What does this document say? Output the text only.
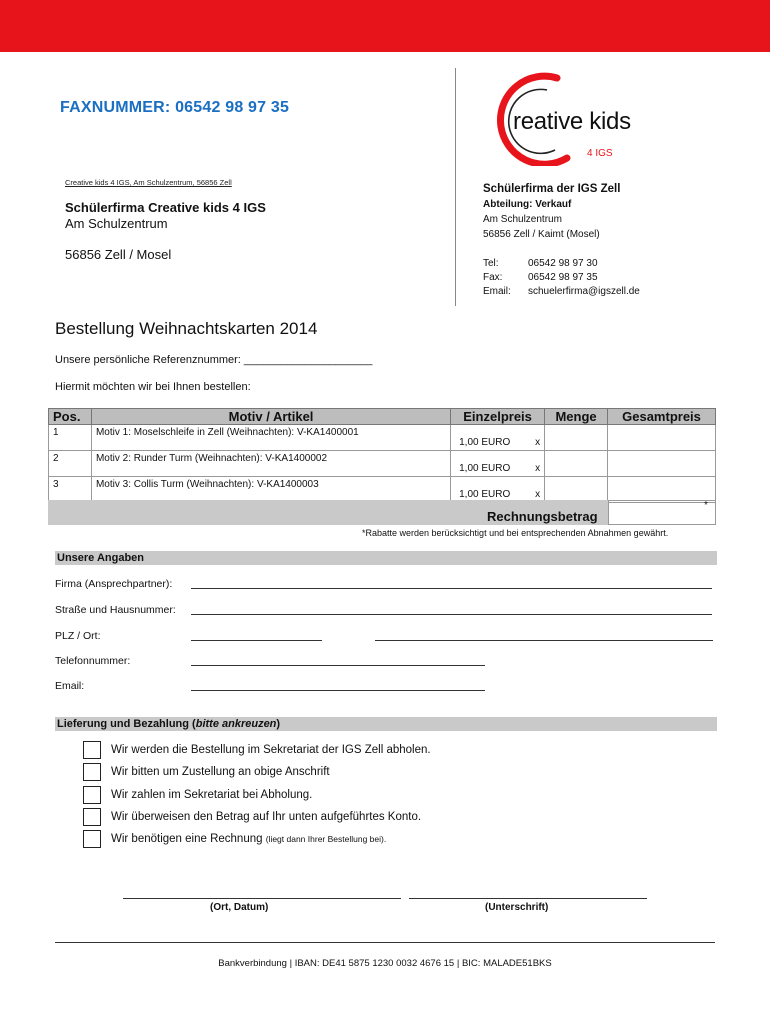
FAXNUMMER: 06542 98 97 35
reative kids
4 IGS
Creative kids 4 IGS, Am Schulzentrum, 56856 Zell
Schülerfirma Creative kids 4 IGS
Am Schulzentrum
56856 Zell / Mosel
Schülerfirma der IGS Zell
Abteilung: Verkauf
Am Schulzentrum
56856 Zell / Kaimt (Mosel)
Tel:	06542 98 97 30
Fax:	06542 98 97 35
Email: schuelerfirma@igszell.de
Bestellung Weihnachtskarten 2014
Unsere persönliche Referenznummer: _____________________
Hiermit möchten wir bei Ihnen bestellen:
Pos.	Motiv / Artikel	Einzelpreis	Menge	Gesamtpreis
1	Motiv 1: Moselschleife in Zell (Weihnachten): V-KA1400001	1,00 EURO x		

2	Motiv 2: Runder Turm (Weihnachten): V-KA1400002	1,00 EURO x		

3	Motiv 3: Collis Turm (Weihnachten): V-KA1400003	1,00 EURO x		

Rechnungsbetrag
*
*Rabatte werden berücksichtigt und bei entsprechenden Abnahmen gewährt.
Unsere Angaben
Firma (Ansprechpartner):
Straße und Hausnummer:
PLZ / Ort:
Telefonnummer:
Email:
Lieferung und Bezahlung (bitte ankreuzen)
Wir werden die Bestellung im Sekretariat der IGS Zell abholen.
Wir bitten um Zustellung an obige Anschrift
Wir zahlen im Sekretariat bei Abholung.
Wir überweisen den Betrag auf Ihr unten aufgeführtes Konto.
Wir benötigen eine Rechnung (liegt dann Ihrer Bestellung bei).
(Ort, Datum)	(Unterschrift)
Bankverbindung | IBAN: DE41 5875 1230 0032 4676 15 | BIC: MALADE51BKS
